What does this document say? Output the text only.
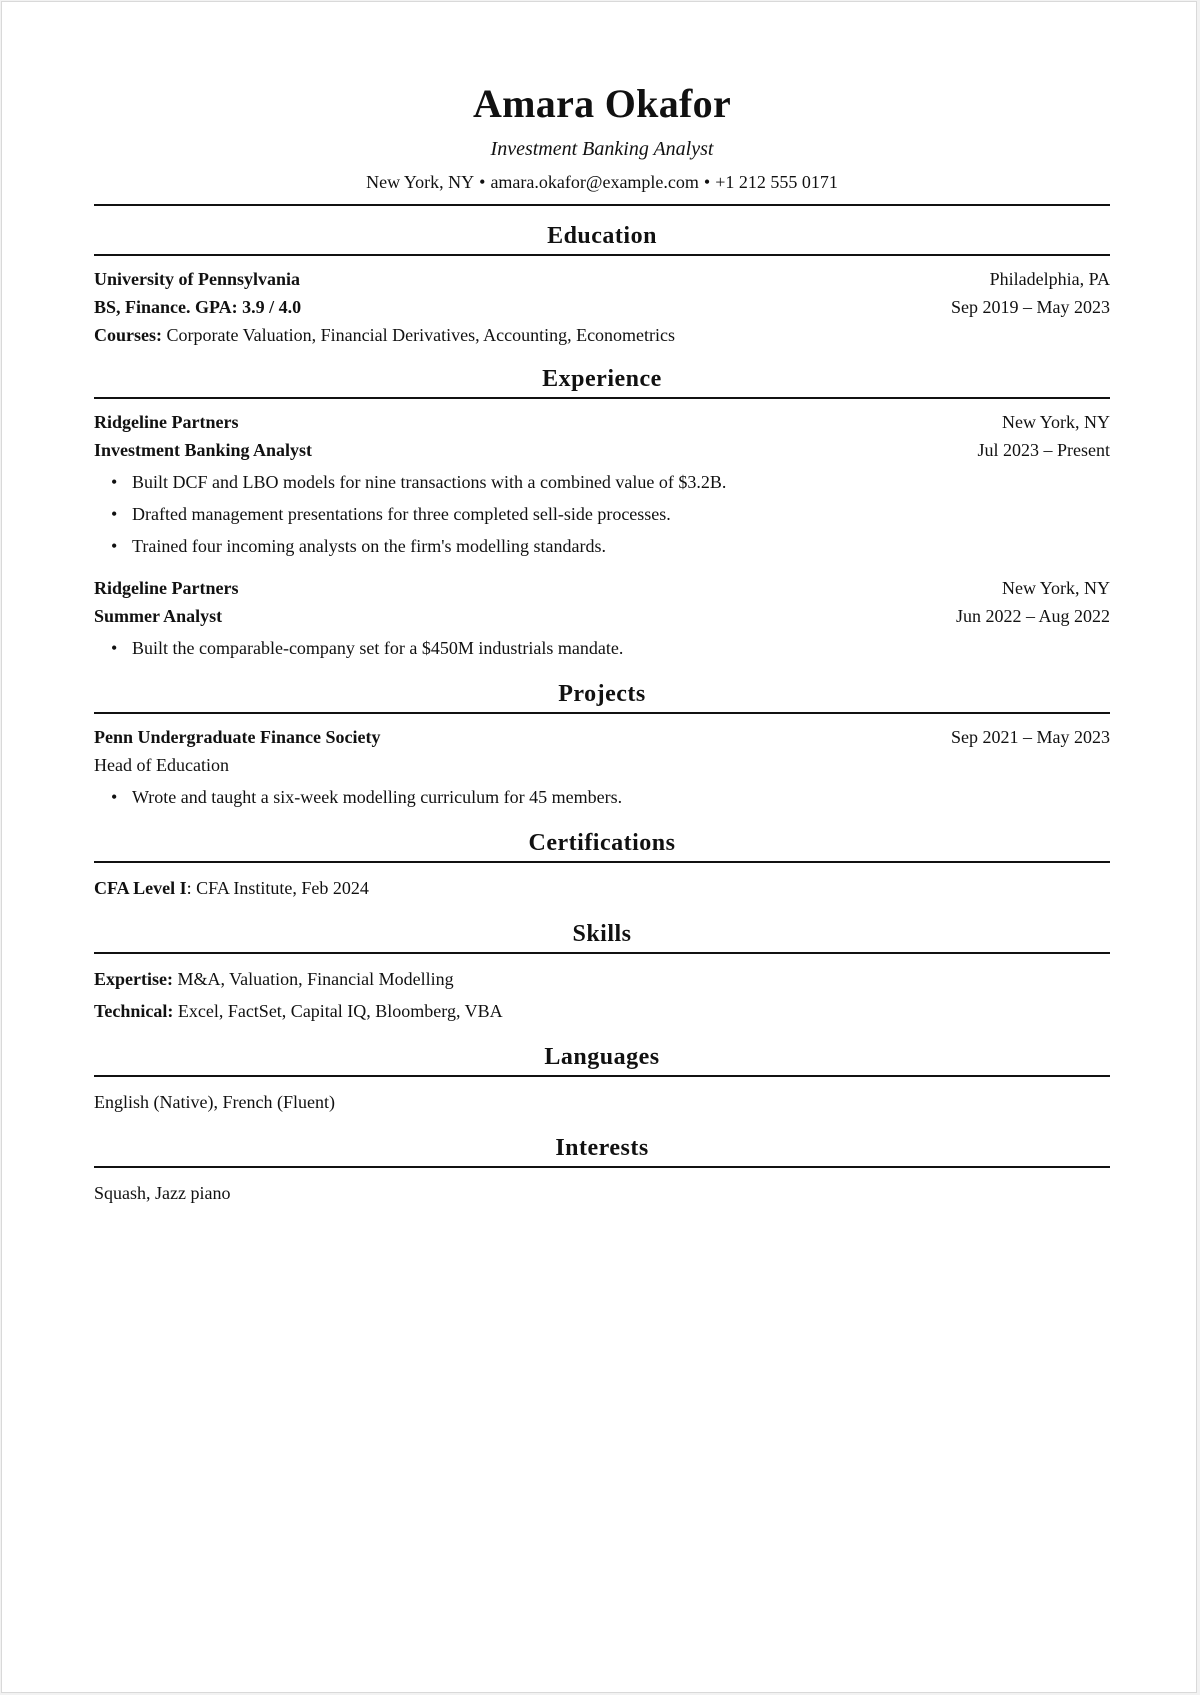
Amara Okafor
Investment Banking Analyst
New York, NY • amara.okafor@example.com • +1 212 555 0171
Education
University of Pennsylvania	Philadelphia, PA
BS, Finance. GPA: 3.9 / 4.0	Sep 2019 – May 2023
Courses: Corporate Valuation, Financial Derivatives, Accounting, Econometrics
Experience
Ridgeline Partners	New York, NY
Investment Banking Analyst	Jul 2023 – Present
• Built DCF and LBO models for nine transactions with a combined value of $3.2B.
• Drafted management presentations for three completed sell-side processes.
• Trained four incoming analysts on the firm's modelling standards.
Ridgeline Partners	New York, NY
Summer Analyst	Jun 2022 – Aug 2022
• Built the comparable-company set for a $450M industrials mandate.
Projects
Penn Undergraduate Finance Society	Sep 2021 – May 2023
Head of Education
• Wrote and taught a six-week modelling curriculum for 45 members.
Certifications
CFA Level I: CFA Institute, Feb 2024
Skills
Expertise: M&A, Valuation, Financial Modelling
Technical: Excel, FactSet, Capital IQ, Bloomberg, VBA
Languages
English (Native), French (Fluent)
Interests
Squash, Jazz piano
